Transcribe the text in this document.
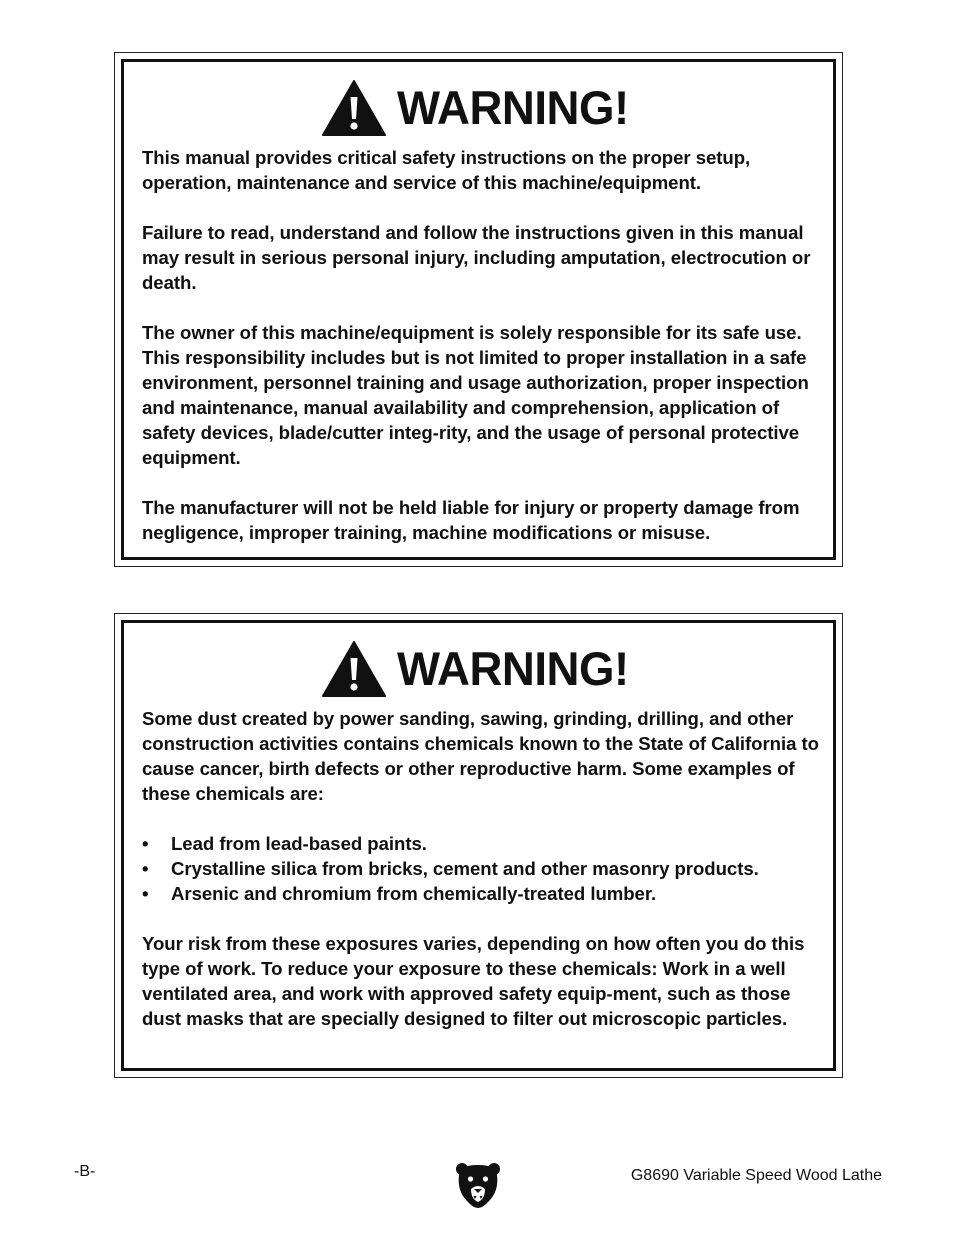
WARNING!

This manual provides critical safety instructions on the proper setup, operation, maintenance and service of this machine/equipment.

Failure to read, understand and follow the instructions given in this manual may result in serious personal injury, including amputation, electrocution or death.

The owner of this machine/equipment is solely responsible for its safe use. This responsibility includes but is not limited to proper installation in a safe environment, personnel training and usage authorization, proper inspection and maintenance, manual availability and comprehension, application of safety devices, blade/cutter integ-rity, and the usage of personal protective equipment.

The manufacturer will not be held liable for injury or property damage from negligence, improper training, machine modifications or misuse.

WARNING!

Some dust created by power sanding, sawing, grinding, drilling, and other construction activities contains chemicals known to the State of California to cause cancer, birth defects or other reproductive harm. Some examples of these chemicals are:

• Lead from lead-based paints.
• Crystalline silica from bricks, cement and other masonry products.
• Arsenic and chromium from chemically-treated lumber.

Your risk from these exposures varies, depending on how often you do this type of work. To reduce your exposure to these chemicals: Work in a well ventilated area, and work with approved safety equip-ment, such as those dust masks that are specially designed to filter out microscopic particles.

-B-	G8690 Variable Speed Wood Lathe
